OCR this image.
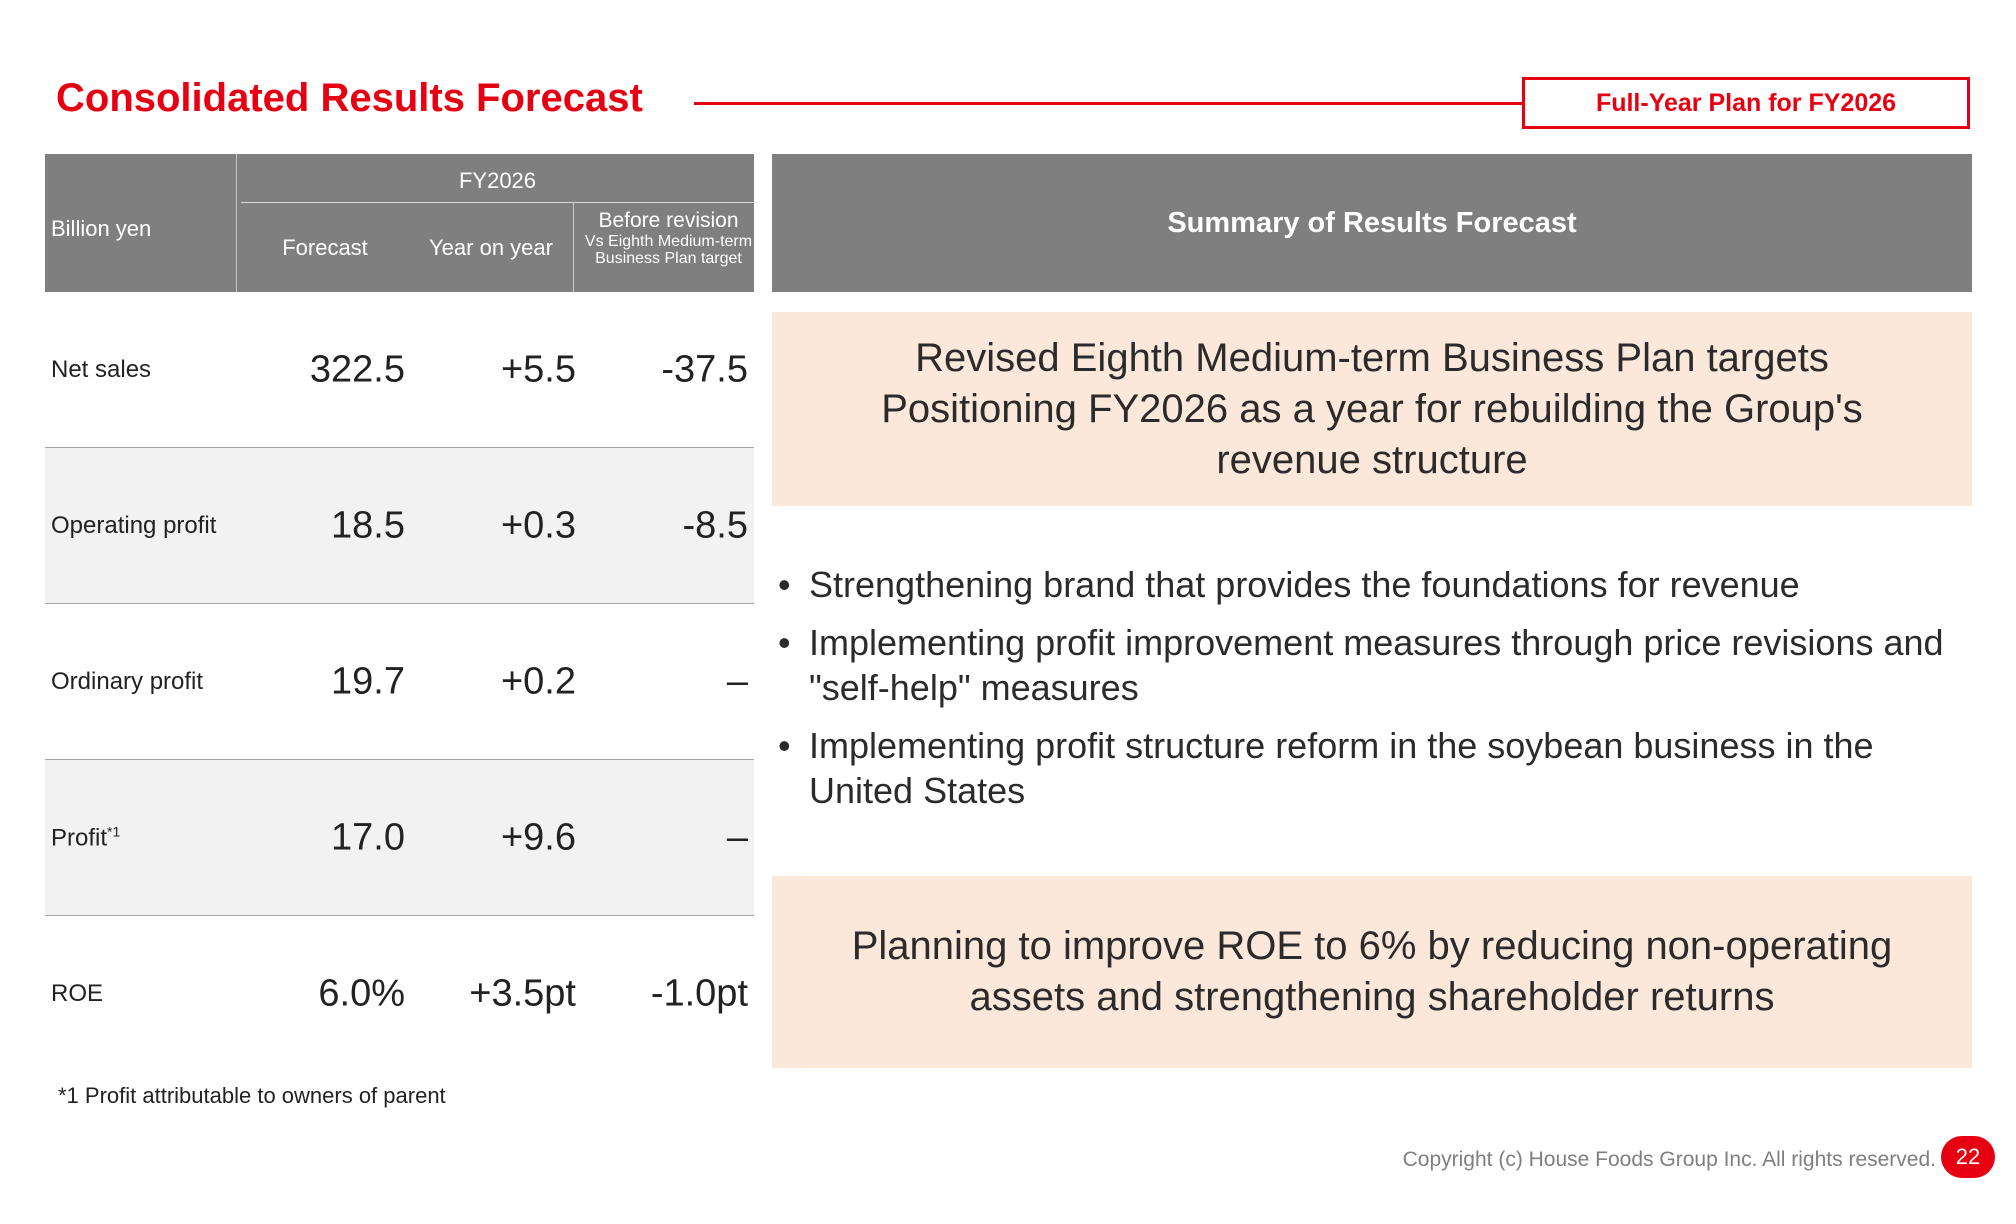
Consolidated Results Forecast	Full-Year Plan for FY2026
Billion yen
FY2026
Forecast	Year on year
Before revision
Vs Eighth Medium-term Business Plan target
Net sales	322.5	+5.5 -37.5
Operating profit	18.5	+0.3	-8.5
Ordinary profit	19.7	+0.2	–
Profit$^{*1}$	17.0	+9.6	–
ROE	6.0% +3.5pt -1.0pt
*1 Profit attributable to owners of parent
Summary of Results Forecast
Revised Eighth Medium-term Business Plan targets
Positioning FY2026 as a year for rebuilding the Group's
revenue structure
• Strengthening brand that provides the foundations for revenue
• Implementing profit improvement measures through price revisions and "self-help" measures
• Implementing profit structure reform in the soybean business in the United States
Planning to improve ROE to 6% by reducing non-operating
assets and strengthening shareholder returns
Copyright (c) House Foods Group Inc. All rights reserved. 22
